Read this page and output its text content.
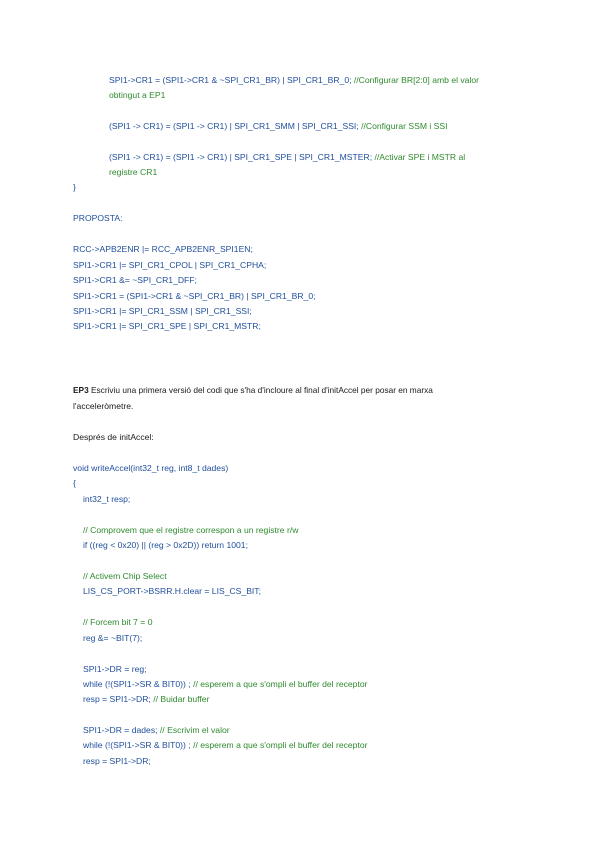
SPI1->CR1 = (SPI1->CR1 & ~SPI_CR1_BR) | SPI_CR1_BR_0; //Configurar BR[2:0] amb el valor
obtingut a EP1
(SPI1 -> CR1) = (SPI1 -> CR1) | SPI_CR1_SMM | SPI_CR1_SSI; //Configurar SSM i SSI
(SPI1 -> CR1) = (SPI1 -> CR1) | SPI_CR1_SPE | SPI_CR1_MSTER; //Activar SPE i MSTR al
registre CR1
}
PROPOSTA:
RCC->APB2ENR |= RCC_APB2ENR_SPI1EN;
SPI1->CR1 |= SPI_CR1_CPOL | SPI_CR1_CPHA;
SPI1->CR1 &= ~SPI_CR1_DFF;
SPI1->CR1 = (SPI1->CR1 & ~SPI_CR1_BR) | SPI_CR1_BR_0;
SPI1->CR1 |= SPI_CR1_SSM | SPI_CR1_SSI;
SPI1->CR1 |= SPI_CR1_SPE | SPI_CR1_MSTR;
EP3 Escriviu una primera versió del codi que s'ha d'incloure al final d'initAccel per posar en marxa
l'acceleròmetre.
Després de initAccel:
void writeAccel(int32_t reg, int8_t dades)
{
int32_t resp;
// Comprovem que el registre correspon a un registre r/w
if ((reg < 0x20) || (reg > 0x2D)) return 1001;
// Activem Chip Select
LIS_CS_PORT->BSRR.H.clear = LIS_CS_BIT;
// Forcem bit 7 = 0
reg &= ~BIT(7);
SPI1->DR = reg;
while (!(SPI1->SR & BIT0)) ; // esperem a que s'ompli el buffer del receptor
resp = SPI1->DR; // Buidar buffer
SPI1->DR = dades; // Escrivim el valor
while (!(SPI1->SR & BIT0)) ; // esperem a que s'ompli el buffer del receptor
resp = SPI1->DR;
